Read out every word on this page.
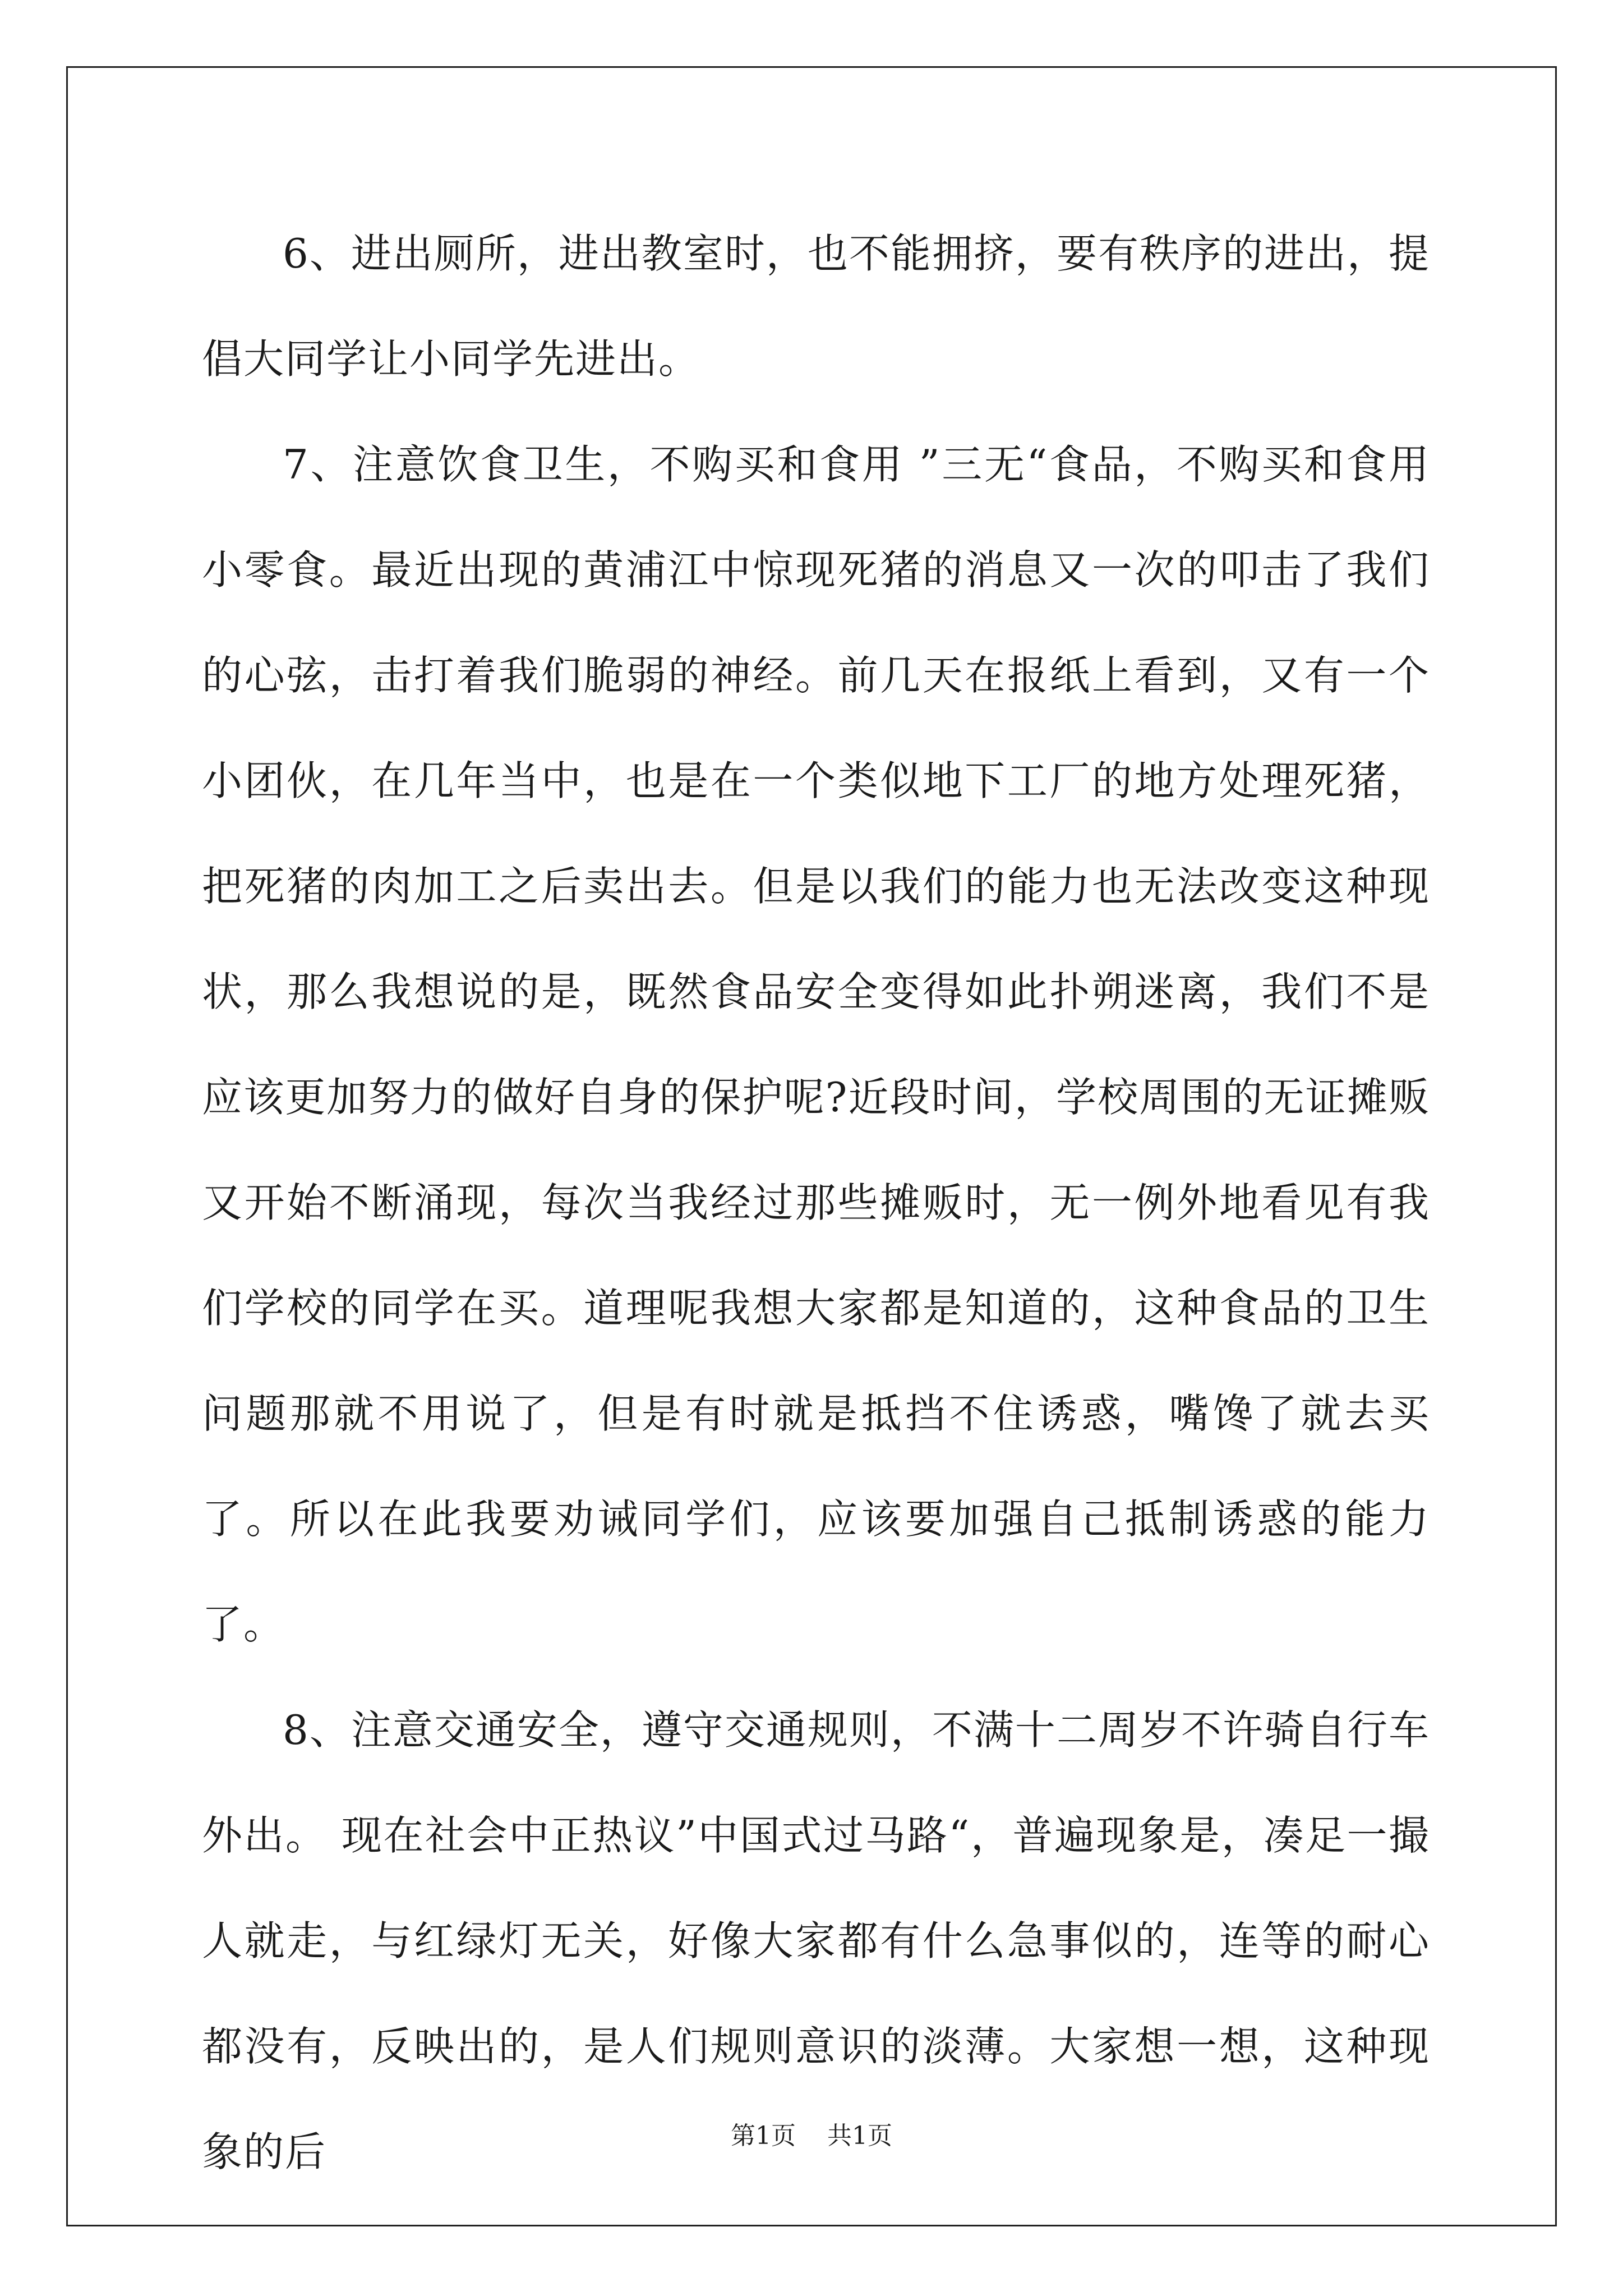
6、进出厕所，进出教室时，也不能拥挤，要有秩序的进出，提倡大同学让小同学先进出。

7、注意饮食卫生，不购买和食用 ”三无“食品，不购买和食用小零食。最近出现的黄浦江中惊现死猪的消息又一次的叩击了我们的心弦，击打着我们脆弱的神经。前几天在报纸上看到，又有一个小团伙，在几年当中，也是在一个类似地下工厂的地方处理死猪，把死猪的肉加工之后卖出去。但是以我们的能力也无法改变这种现状，那么我想说的是，既然食品安全变得如此扑朔迷离，我们不是应该更加努力的做好自身的保护呢?近段时间，学校周围的无证摊贩又开始不断涌现，每次当我经过那些摊贩时，无一例外地看见有我们学校的同学在买。道理呢我想大家都是知道的，这种食品的卫生问题那就不用说了，但是有时就是抵挡不住诱惑，嘴馋了就去买了。所以在此我要劝诫同学们，应该要加强自己抵制诱惑的能力了。

8、注意交通安全，遵守交通规则，不满十二周岁不许骑自行车外出。 现在社会中正热议”中国式过马路“，普遍现象是，凑足一撮人就走，与红绿灯无关，好像大家都有什么急事似的，连等的耐心都没有，反映出的，是人们规则意识的淡薄。大家想一想，这种现象的后	第1页 共1页
